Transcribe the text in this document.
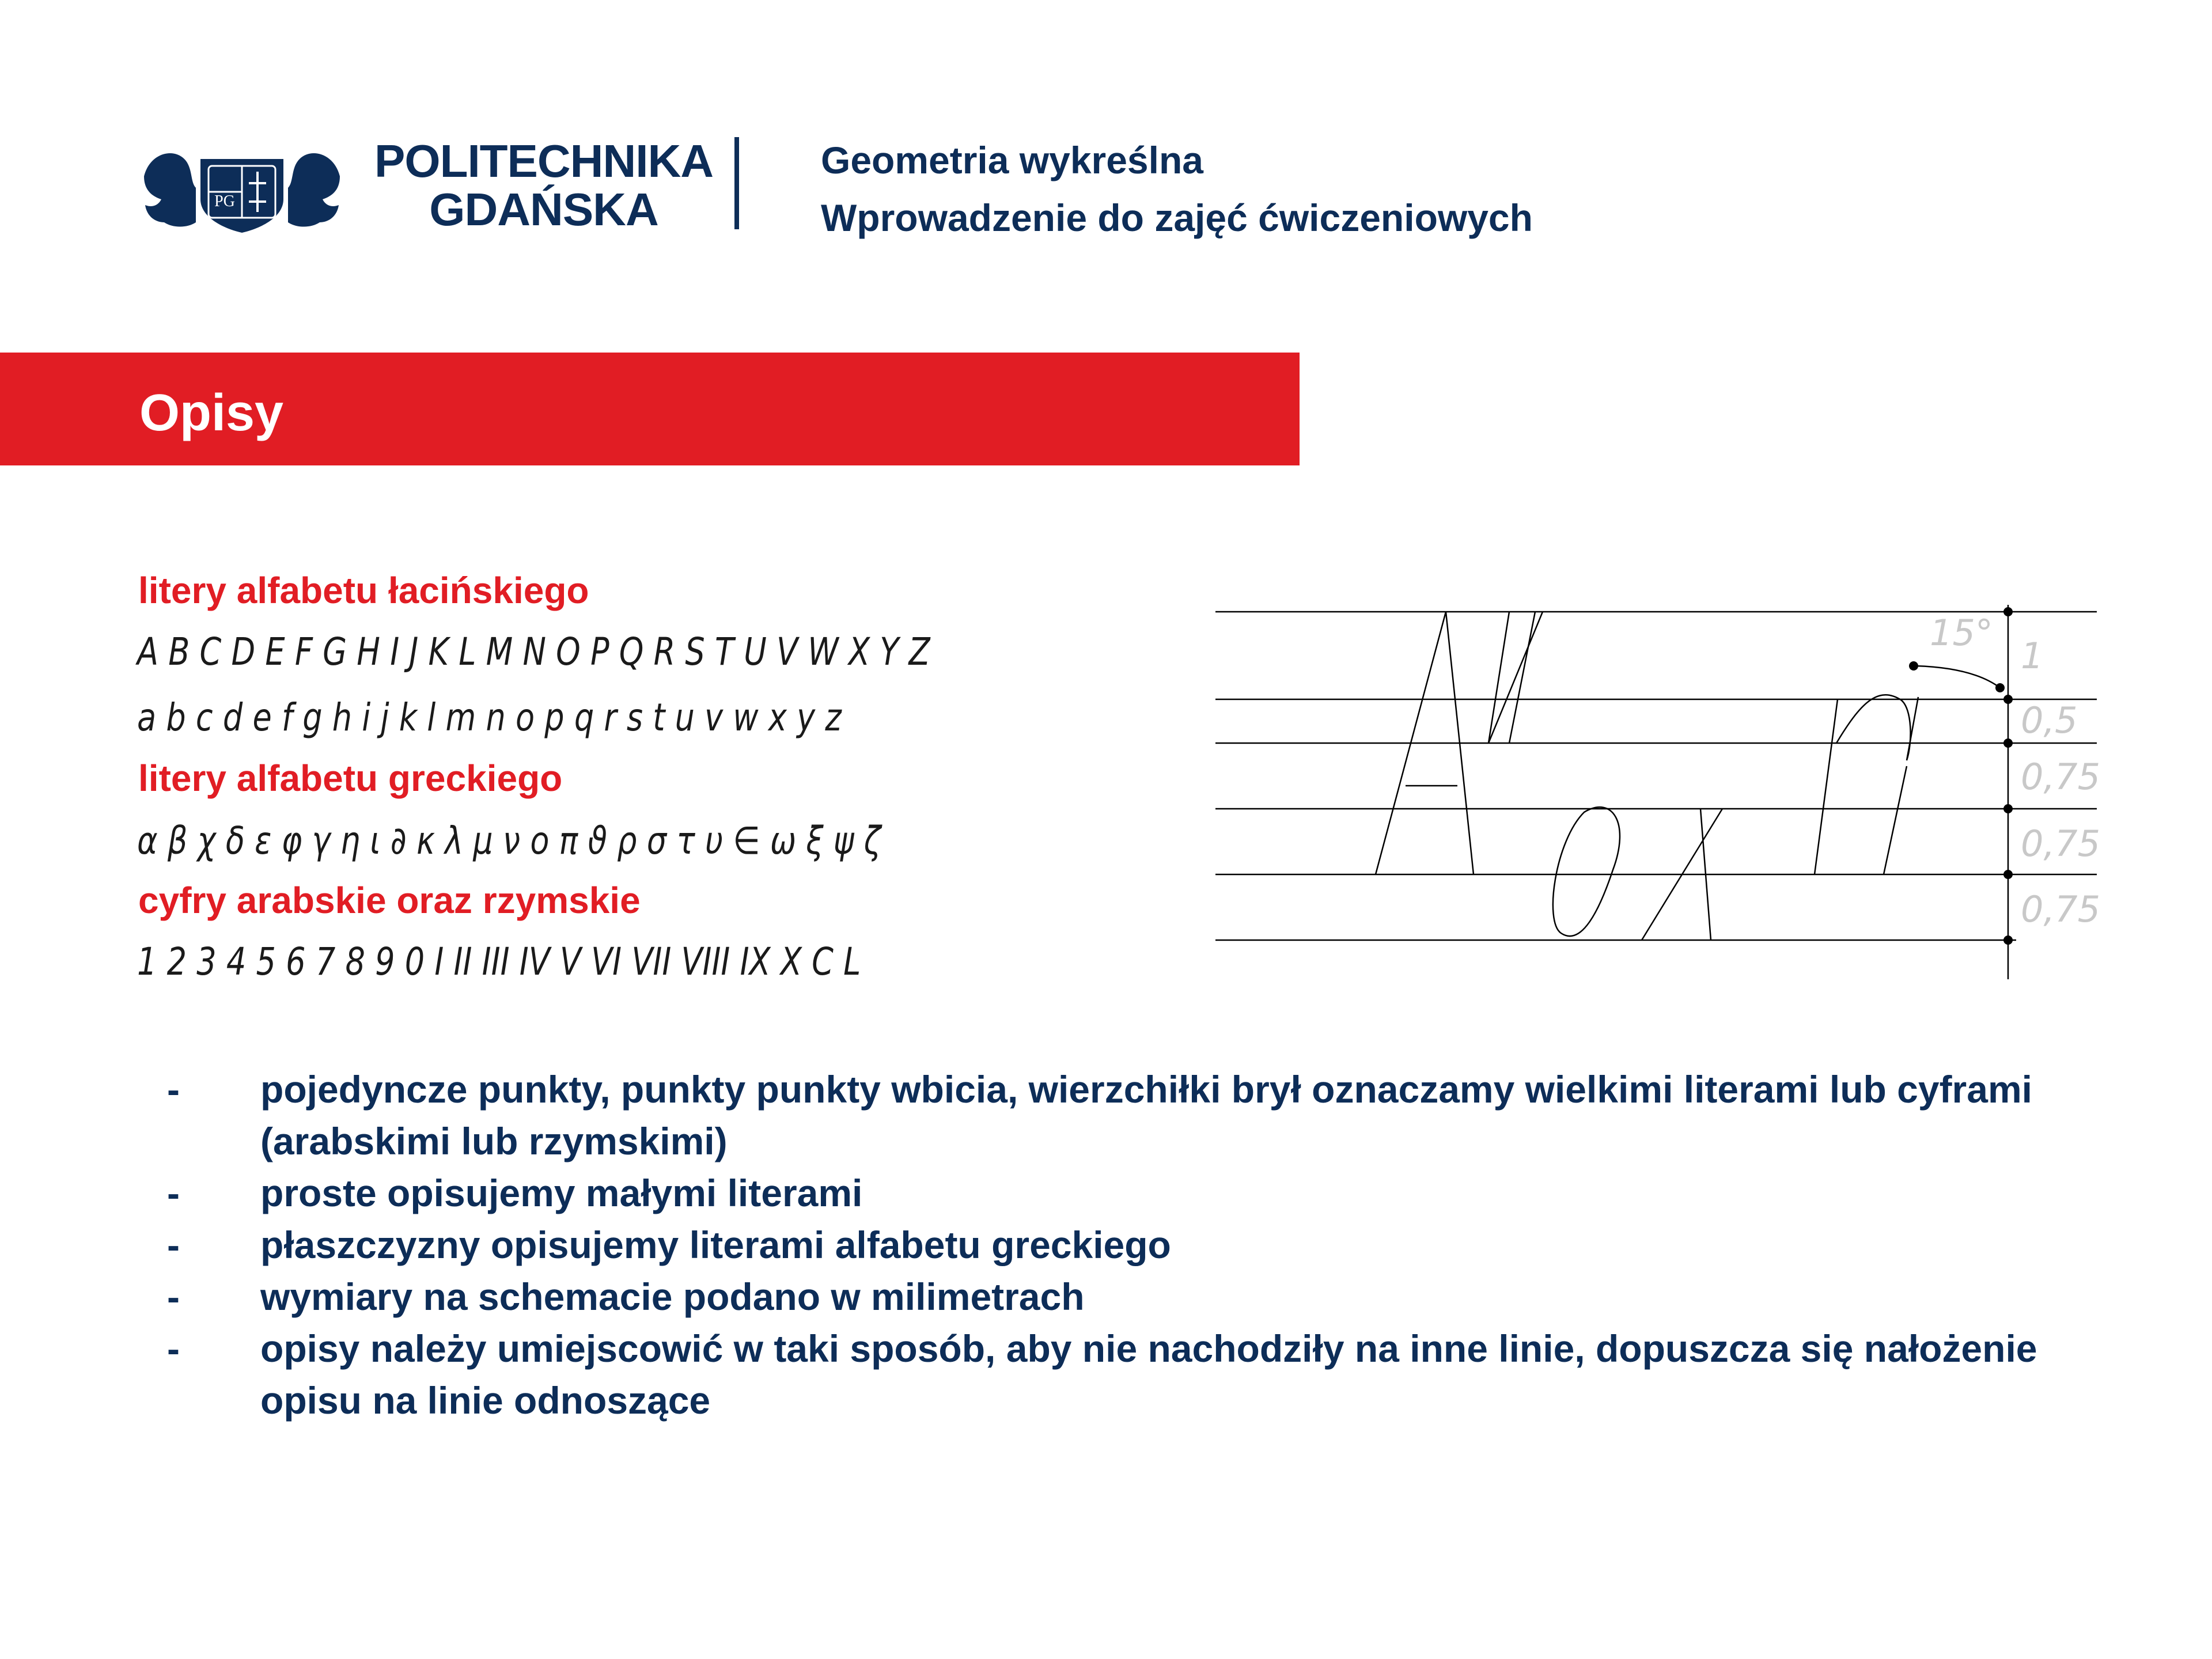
PG
POLITECHNIKA
GDAŃSKA
Geometria wykreślna
Wprowadzenie do zajęć ćwiczeniowych
Opisy
litery alfabetu łacińskiego
A B C D E F G H I J K L M N O P Q R S T U V W X Y Z
a b c d e f g h i j k l m n o p q r s t u v w x y z
litery alfabetu greckiego
α β χ δ ε φ γ η ι ∂ κ λ μ ν ο π ϑ ρ σ τ υ ∈ ω ξ ψ ζ
cyfry arabskie oraz rzymskie
1 2 3 4 5 6 7 8 9 0 I II III IV V VI VII VIII IX X C L
15°
1
0,5
0,75
0,75
0,75
-	pojedyncze punkty, punkty punkty wbicia, wierzchiłki brył oznaczamy wielkimi literami lub cyframi (arabskimi lub rzymskimi)
-	proste opisujemy małymi literami
-	płaszczyzny opisujemy literami alfabetu greckiego
-	wymiary na schemacie podano w milimetrach
-	opisy należy umiejscowić w taki sposób, aby nie nachodziły na inne linie, dopuszcza się nałożenie opisu na linie odnoszące
